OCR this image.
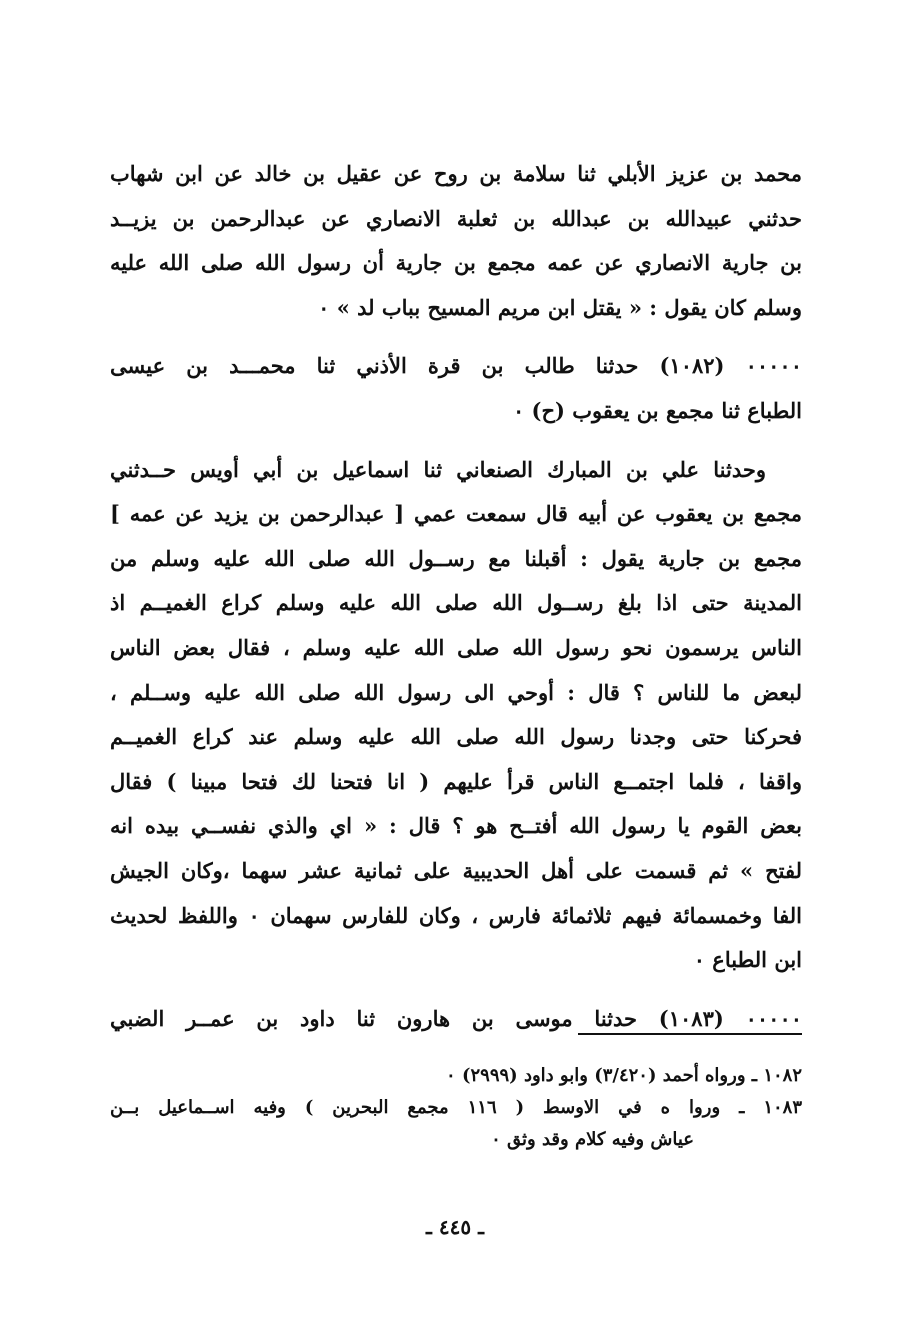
محمد بن عزيز الأبلي ثنا سلامة بن روح عن عقيل بن خالد عن ابن شهاب
حدثني عبيدالله بن عبدالله بن ثعلبة الانصاري عن عبدالرحمن بن يزيــد
بن جارية الانصاري عن عمه مجمع بن جارية أن رسول الله صلى الله عليه
وسلم كان يقول : « يقتل ابن مريم المسيح بباب لد » ٠
٠٠٠٠٠ (١٠٨٢) حدثنا طالب بن قرة الأذني ثنا محمـــد بن عيسى
الطباع ثنا مجمع بن يعقوب (ح) ٠
وحدثنا علي بن المبارك الصنعاني ثنا اسماعيل بن أبي أويس حــدثني
مجمع بن يعقوب عن أبيه قال سمعت عمي [ عبدالرحمن بن يزيد عن عمه ]
مجمع بن جارية يقول : أقبلنا مع رســول الله صلى الله عليه وسلم من
المدينة حتى اذا بلغ رســول الله صلى الله عليه وسلم كراع الغميــم اذ
الناس يرسمون نحو رسول الله صلى الله عليه وسلم ، فقال بعض الناس
لبعض ما للناس ؟ قال : أوحي الى رسول الله صلى الله عليه وســلم ،
فحركنا حتى وجدنا رسول الله صلى الله عليه وسلم عند كراع الغميــم
واقفا ، فلما اجتمــع الناس قرأ عليهم ( انا فتحنا لك فتحا مبينا ) فقال
بعض القوم يا رسول الله أفتــح هو ؟ قال : « اي والذي نفســي بيده انه
لفتح » ثم قسمت على أهل الحديبية على ثمانية عشر سهما ،وكان الجيش
الفا وخمسمائة فيهم ثلاثمائة فارس ، وكان للفارس سهمان ٠ واللفظ لحديث
ابن الطباع ٠
٠٠٠٠٠ (١٠٨٣) حدثنا موسى بن هارون ثنا داود بن عمــر الضبي
١٠٨٢ ـ ورواه أحمد (٣/٤٢٠) وابو داود (٢٩٩٩) ٠
١٠٨٣ ـ وروا ه في الاوسط ( ١١٦ مجمع البحرين ) وفيه اســماعيل بــن
عياش وفيه كلام وقد وثق ٠
ـ ٤٤٥ ـ
